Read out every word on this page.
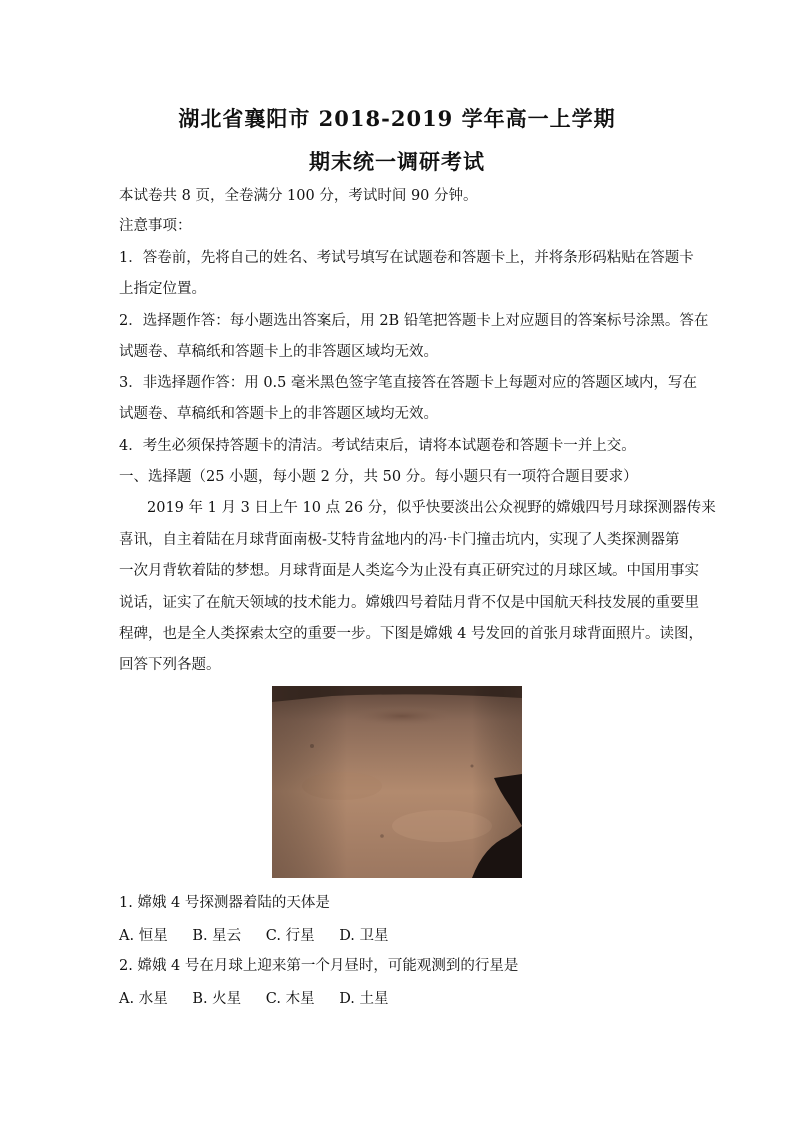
湖北省襄阳市 2018-2019 学年高一上学期
期末统一调研考试
本试卷共 8 页，全卷满分 100 分，考试时间 90 分钟。
注意事项：
1．答卷前，先将自己的姓名、考试号填写在试题卷和答题卡上，并将条形码粘贴在答题卡
上指定位置。
2．选择题作答：每小题选出答案后，用 2B 铅笔把答题卡上对应题目的答案标号涂黑。答在
试题卷、草稿纸和答题卡上的非答题区域均无效。
3．非选择题作答：用 0.5 毫米黑色签字笔直接答在答题卡上每题对应的答题区域内，写在
试题卷、草稿纸和答题卡上的非答题区域均无效。
4．考生必须保持答题卡的清洁。考试结束后，请将本试题卷和答题卡一并上交。
一、选择题（25 小题，每小题 2 分，共 50 分。每小题只有一项符合题目要求）
2019 年 1 月 3 日上午 10 点 26 分，似乎快要淡出公众视野的嫦娥四号月球探测器传来
喜讯，自主着陆在月球背面南极-艾特肯盆地内的冯·卡门撞击坑内，实现了人类探测器第
一次月背软着陆的梦想。月球背面是人类迄今为止没有真正研究过的月球区域。中国用事实
说话，证实了在航天领域的技术能力。嫦娥四号着陆月背不仅是中国航天科技发展的重要里
程碑，也是全人类探索太空的重要一步。下图是嫦娥 4 号发回的首张月球背面照片。读图，
回答下列各题。
1. 嫦娥 4 号探测器着陆的天体是
A. 恒星 B. 星云 C. 行星 D. 卫星
2. 嫦娥 4 号在月球上迎来第一个月昼时，可能观测到的行星是
A. 水星 B. 火星 C. 木星 D. 土星
